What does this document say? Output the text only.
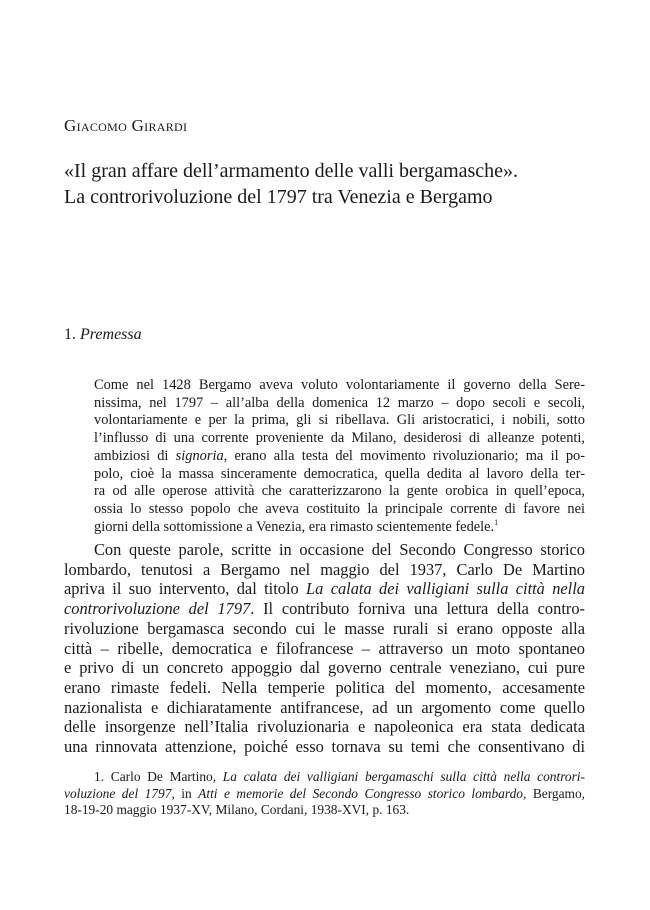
Giacomo Girardi
«Il gran affare dell’armamento delle valli bergamasche».
La controrivoluzione del 1797 tra Venezia e Bergamo
1. Premessa
Come nel 1428 Bergamo aveva voluto volontariamente il governo della Sere-
nissima, nel 1797 – all’alba della domenica 12 marzo – dopo secoli e secoli,
volontariamente e per la prima, gli si ribellava. Gli aristocratici, i nobili, sotto
l’influsso di una corrente proveniente da Milano, desiderosi di alleanze potenti,
ambiziosi di signoria, erano alla testa del movimento rivoluzionario; ma il po-
polo, cioè la massa sinceramente democratica, quella dedita al lavoro della ter-
ra od alle operose attività che caratterizzarono la gente orobica in quell’epoca,
ossia lo stesso popolo che aveva costituito la principale corrente di favore nei
giorni della sottomissione a Venezia, era rimasto scientemente fedele.$^1$

Con queste parole, scritte in occasione del Secondo Congresso storico
lombardo, tenutosi a Bergamo nel maggio del 1937, Carlo De Martino
apriva il suo intervento, dal titolo La calata dei valligiani sulla città nella
controrivoluzione del 1797. Il contributo forniva una lettura della contro-
rivoluzione bergamasca secondo cui le masse rurali si erano opposte alla
città – ribelle, democratica e filofrancese – attraverso un moto spontaneo
e privo di un concreto appoggio dal governo centrale veneziano, cui pure
erano rimaste fedeli. Nella temperie politica del momento, accesamente
nazionalista e dichiaratamente antifrancese, ad un argomento come quello
delle insorgenze nell’Italia rivoluzionaria e napoleonica era stata dedicata
una rinnovata attenzione, poiché esso tornava su temi che consentivano di

1. Carlo De Martino, La calata dei valligiani bergamaschi sulla città nella controri-
voluzione del 1797, in Atti e memorie del Secondo Congresso storico lombardo, Bergamo,
18-19-20 maggio 1937-XV, Milano, Cordani, 1938-XVI, p. 163.
